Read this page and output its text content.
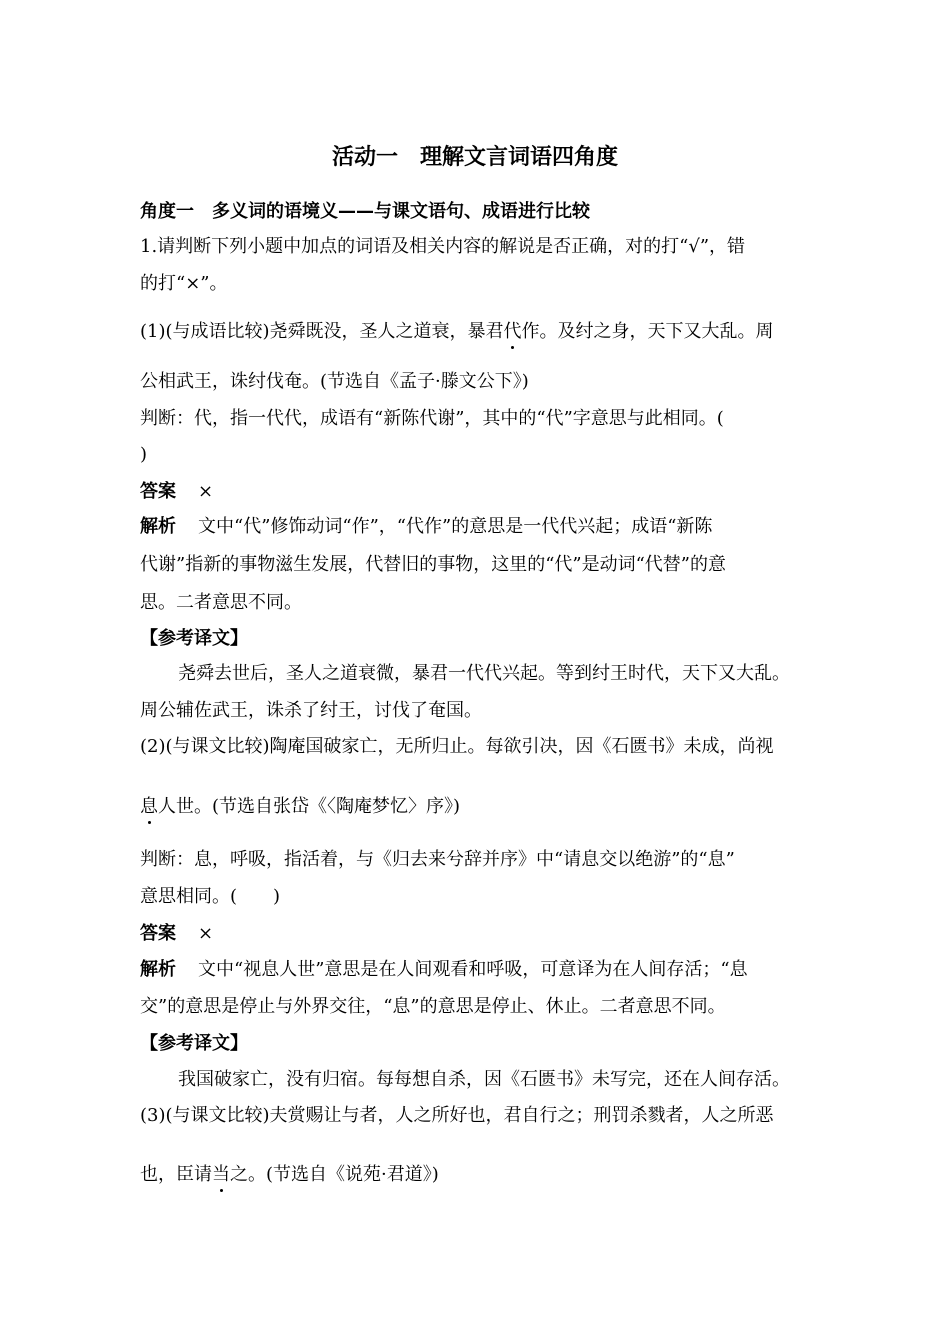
活动一　理解文言词语四角度
角度一　多义词的语境义——与课文语句、成语进行比较
1.请判断下列小题中加点的词语及相关内容的解说是否正确，对的打“√”，错
的打“×”。
(1)(与成语比较)尧舜既没，圣人之道衰，暴君代作。及纣之身，天下又大乱。周
公相武王，诛纣伐奄。(节选自《孟子·滕文公下》)
判断：代，指一代代，成语有“新陈代谢”，其中的“代”字意思与此相同。(
)
答案 ×
解析 文中“代”修饰动词“作”，“代作”的意思是一代代兴起；成语“新陈
代谢”指新的事物滋生发展，代替旧的事物，这里的“代”是动词“代替”的意
思。二者意思不同。
【参考译文】
尧舜去世后，圣人之道衰微，暴君一代代兴起。等到纣王时代，天下又大乱。
周公辅佐武王，诛杀了纣王，讨伐了奄国。
(2)(与课文比较)陶庵国破家亡，无所归止。每欲引决，因《石匮书》未成，尚视
息人世。(节选自张岱《〈陶庵梦忆〉序》)
判断：息，呼吸，指活着，与《归去来兮辞并序》中“请息交以绝游”的“息”
意思相同。(　　)
答案 ×
解析 文中“视息人世”意思是在人间观看和呼吸，可意译为在人间存活；“息
交”的意思是停止与外界交往，“息”的意思是停止、休止。二者意思不同。
【参考译文】
我国破家亡，没有归宿。每每想自杀，因《石匮书》未写完，还在人间存活。
(3)(与课文比较)夫赏赐让与者，人之所好也，君自行之；刑罚杀戮者，人之所恶
也，臣请当之。(节选自《说苑·君道》)
